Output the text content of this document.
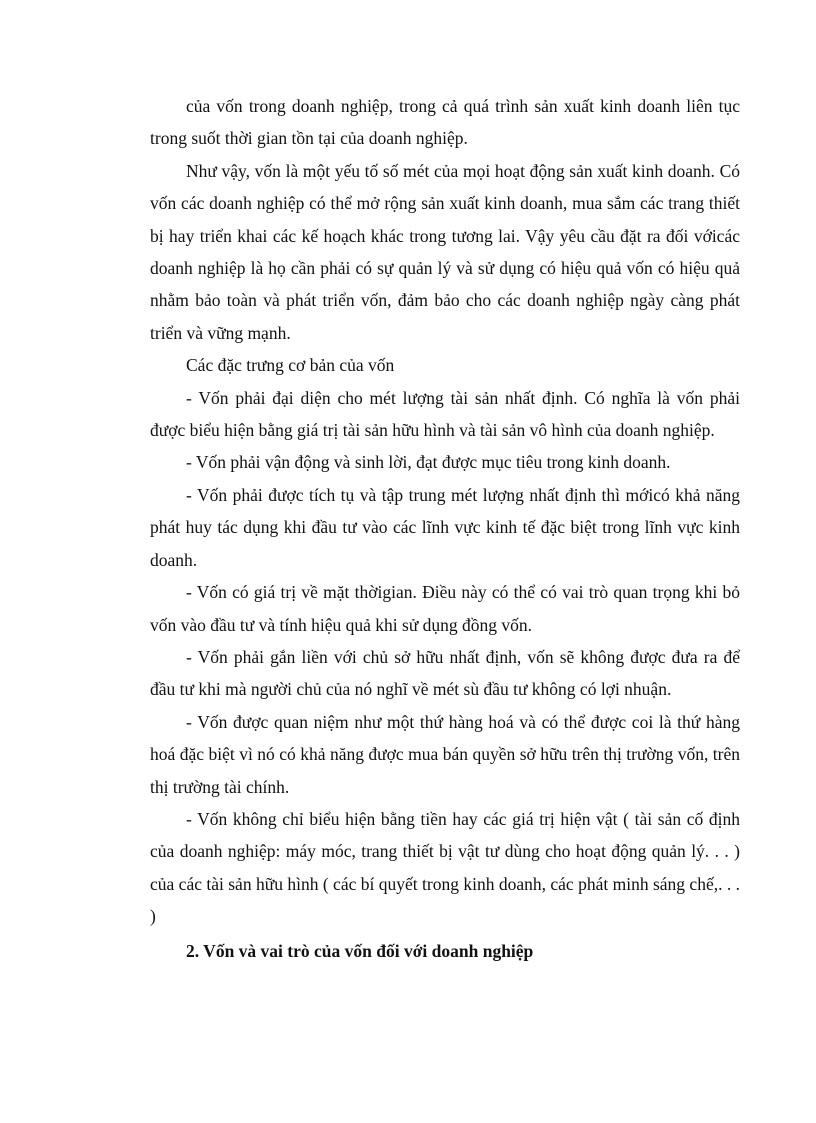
của vốn trong doanh nghiệp, trong cả quá trình sản xuất kinh doanh liên tục trong suốt thời gian tồn tại của doanh nghiệp.

Như vậy, vốn là một yếu tố số mét của mọi hoạt động sản xuất kinh doanh. Có vốn các doanh nghiệp có thể mở rộng sản xuất kinh doanh, mua sắm các trang thiết bị hay triển khai các kế hoạch khác trong tương lai. Vậy yêu cầu đặt ra đối vớicác doanh nghiệp là họ cần phải có sự quản lý và sử dụng có hiệu quả vốn có hiệu quả nhằm bảo toàn và phát triển vốn, đảm bảo cho các doanh nghiệp ngày càng phát triển và vững mạnh.

Các đặc trưng cơ bản của vốn

- Vốn phải đại diện cho mét lượng tài sản nhất định. Có nghĩa là vốn phải được biểu hiện bằng giá trị tài sản hữu hình và tài sản vô hình của doanh nghiệp.

- Vốn phải vận động và sinh lời, đạt được mục tiêu trong kinh doanh.

- Vốn phải được tích tụ và tập trung mét lượng nhất định thì mớicó khả năng phát huy tác dụng khi đầu tư vào các lĩnh vực kinh tế đặc biệt trong lĩnh vực kinh doanh.

- Vốn có giá trị về mặt thờigian. Điều này có thể có vai trò quan trọng khi bỏ vốn vào đầu tư và tính hiệu quả khi sử dụng đồng vốn.

- Vốn phải gắn liền với chủ sở hữu nhất định, vốn sẽ không được đưa ra để đầu tư khi mà người chủ của nó nghĩ về mét sù đầu tư không có lợi nhuận.

- Vốn được quan niệm như một thứ hàng hoá và có thể được coi là thứ hàng hoá đặc biệt vì nó có khả năng được mua bán quyền sở hữu trên thị trường vốn, trên thị trường tài chính.

- Vốn không chỉ biểu hiện bằng tiền hay các giá trị hiện vật ( tài sản cố định của doanh nghiệp: máy móc, trang thiết bị vật tư dùng cho hoạt động quản lý. . . ) của các tài sản hữu hình ( các bí quyết trong kinh doanh, các phát minh sáng chế,. . . )

2. Vốn và vai trò của vốn đối với doanh nghiệp
